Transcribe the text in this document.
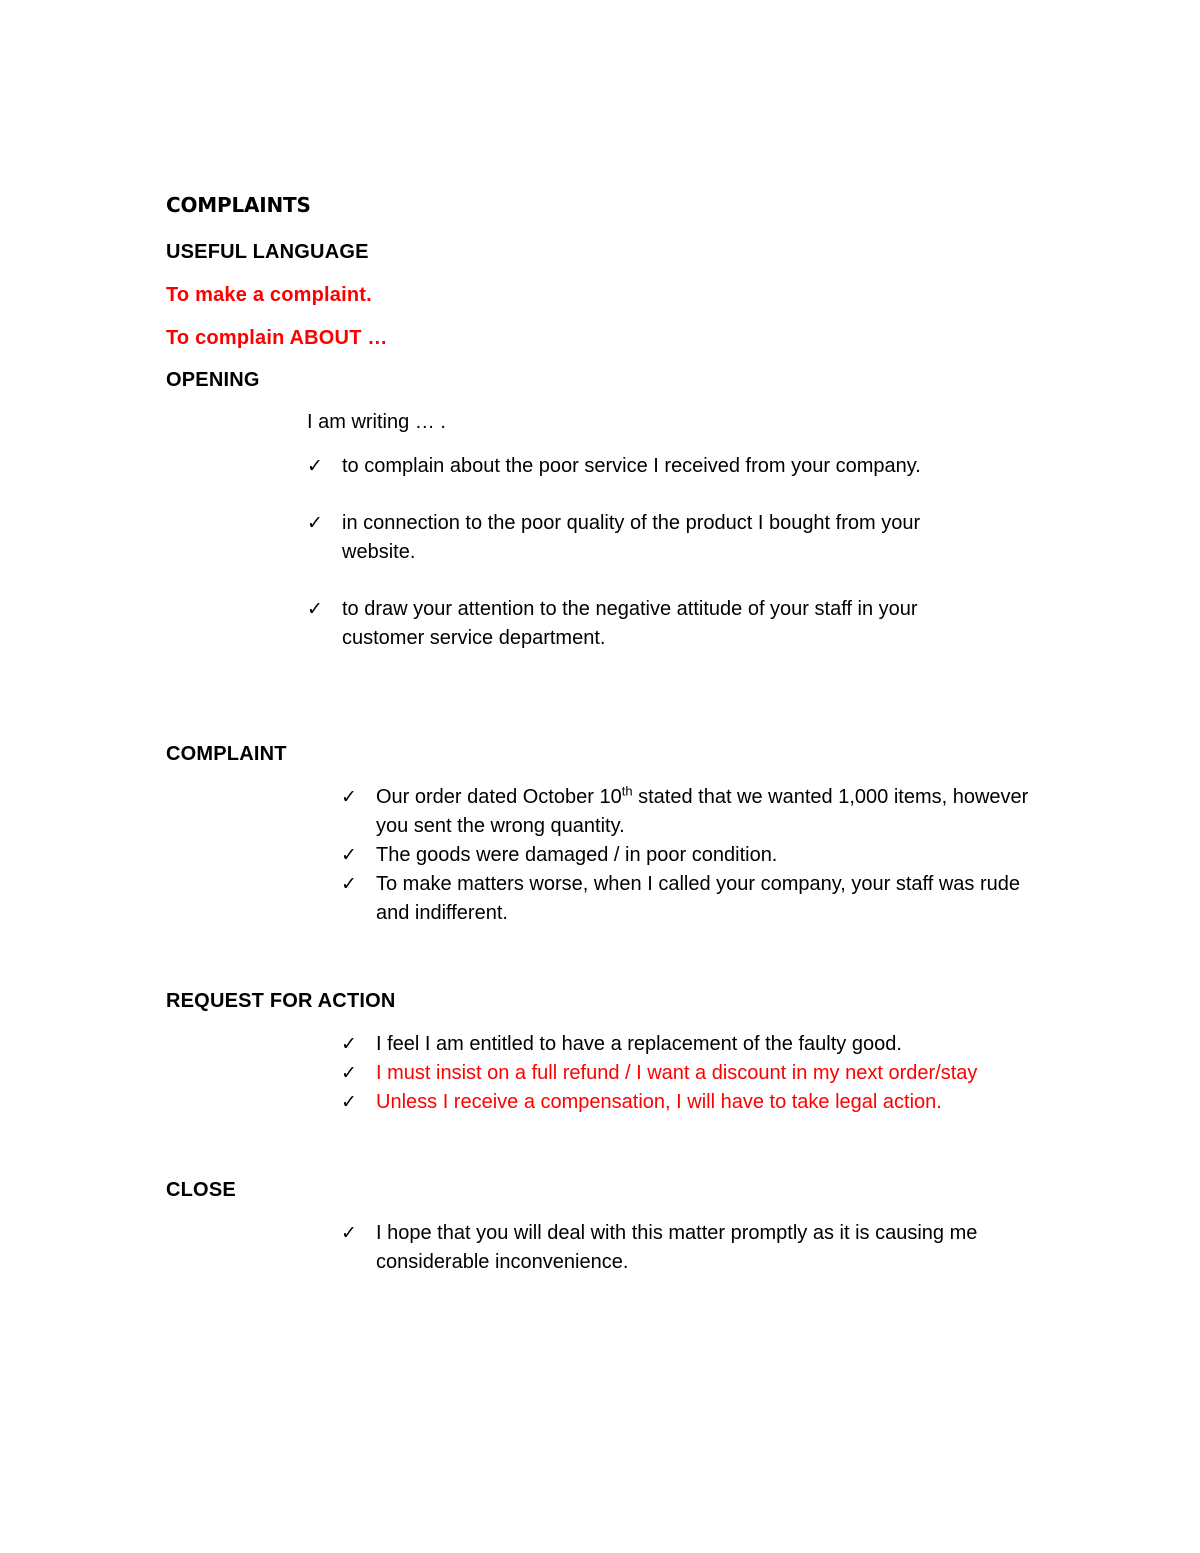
COMPLAINTS
USEFUL LANGUAGE
To make a complaint.
To complain ABOUT …
OPENING

I am writing … .

✓ to complain about the poor service I received from your company.
✓ in connection to the poor quality of the product I bought from your website.
✓ to draw your attention to the negative attitude of your staff in your customer service department.
COMPLAINT
✓ Our order dated October 10th stated that we wanted 1,000 items, however you sent the wrong quantity.
✓ The goods were damaged / in poor condition.
✓ To make matters worse, when I called your company, your staff was rude and indifferent.
REQUEST FOR ACTION
✓ I feel I am entitled to have a replacement of the faulty good.
✓ I must insist on a full refund / I want a discount in my next order/stay
✓ Unless I receive a compensation, I will have to take legal action.
CLOSE
✓ I hope that you will deal with this matter promptly as it is causing me considerable inconvenience.
